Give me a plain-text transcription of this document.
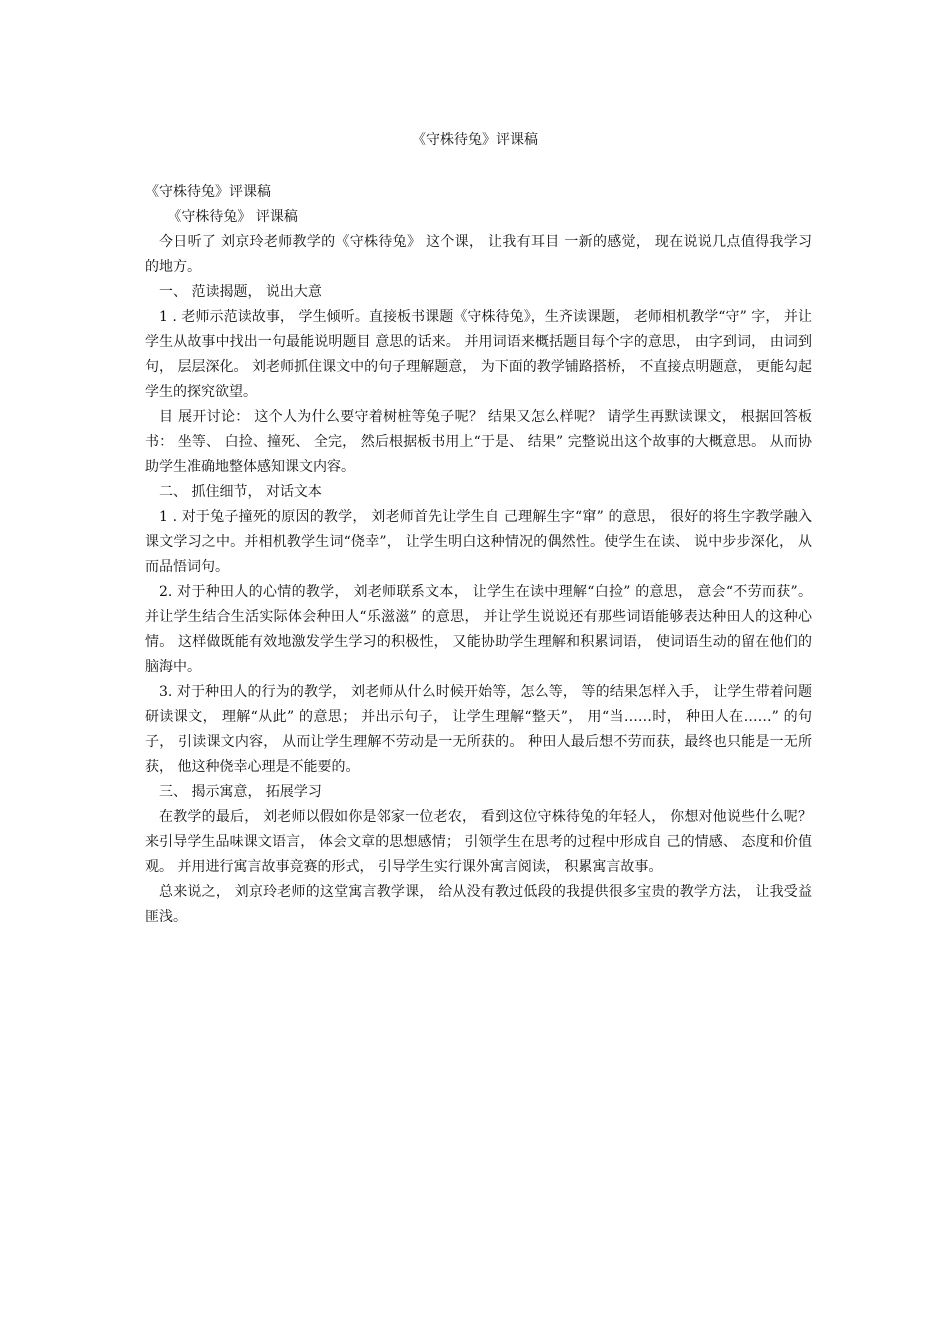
《守株待兔》评课稿

《守株待兔》评课稿

《守株待兔》 评课稿

今日听了 刘京玲老师教学的《守株待兔》 这个课， 让我有耳目 一新的感觉， 现在说说几点值得我学习 的地方。

一、 范读揭题， 说出大意

1 . 老师示范读故事， 学生倾听。直接板书课题《守株待兔》，生齐读课题， 老师相机教学“守” 字， 并让学生从故事中找出一句最能说明题目 意思的话来。 并用词语来概括题目每个字的意思， 由字到词， 由词到句， 层层深化。 刘老师抓住课文中的句子理解题意， 为下面的教学铺路搭桥， 不直接点明题意， 更能勾起学生的探究欲望。

目 展开讨论： 这个人为什么要守着树桩等兔子呢？ 结果又怎么样呢？ 请学生再默读课文， 根据回答板书： 坐等、 白捡、撞死、 全完， 然后根据板书用上“于是、 结果” 完整说出这个故事的大概意思。 从而协助学生准确地整体感知课文内容。

二、 抓住细节， 对话文本

1 . 对于兔子撞死的原因的教学， 刘老师首先让学生自 己理解生字“窜” 的意思， 很好的将生字教学融入课文学习之中。并相机教学生词“侥幸”， 让学生明白这种情况的偶然性。使学生在读、 说中步步深化， 从而品悟词句。

2. 对于种田人的心情的教学， 刘老师联系文本， 让学生在读中理解“白捡” 的意思， 意会“不劳而获”。 并让学生结合生活实际体会种田人“乐滋滋” 的意思， 并让学生说说还有那些词语能够表达种田人的这种心情。 这样做既能有效地激发学生学习的积极性， 又能协助学生理解和积累词语， 使词语生动的留在他们的脑海中。

3. 对于种田人的行为的教学， 刘老师从什么时候开始等，怎么等， 等的结果怎样入手， 让学生带着问题研读课文， 理解“从此” 的意思； 并出示句子， 让学生理解“整天”， 用“当……时， 种田人在……” 的句子， 引读课文内容， 从而让学生理解不劳动是一无所获的。 种田人最后想不劳而获，最终也只能是一无所获， 他这种侥幸心理是不能要的。

三、 揭示寓意， 拓展学习

在教学的最后， 刘老师以假如你是邻家一位老农， 看到这位守株待兔的年轻人， 你想对他说些什么呢？ 来引导学生品味课文语言， 体会文章的思想感情； 引领学生在思考的过程中形成自 己的情感、 态度和价值观。 并用进行寓言故事竞赛的形式， 引导学生实行课外寓言阅读， 积累寓言故事。

总来说之， 刘京玲老师的这堂寓言教学课， 给从没有教过低段的我提供很多宝贵的教学方法， 让我受益匪浅。
